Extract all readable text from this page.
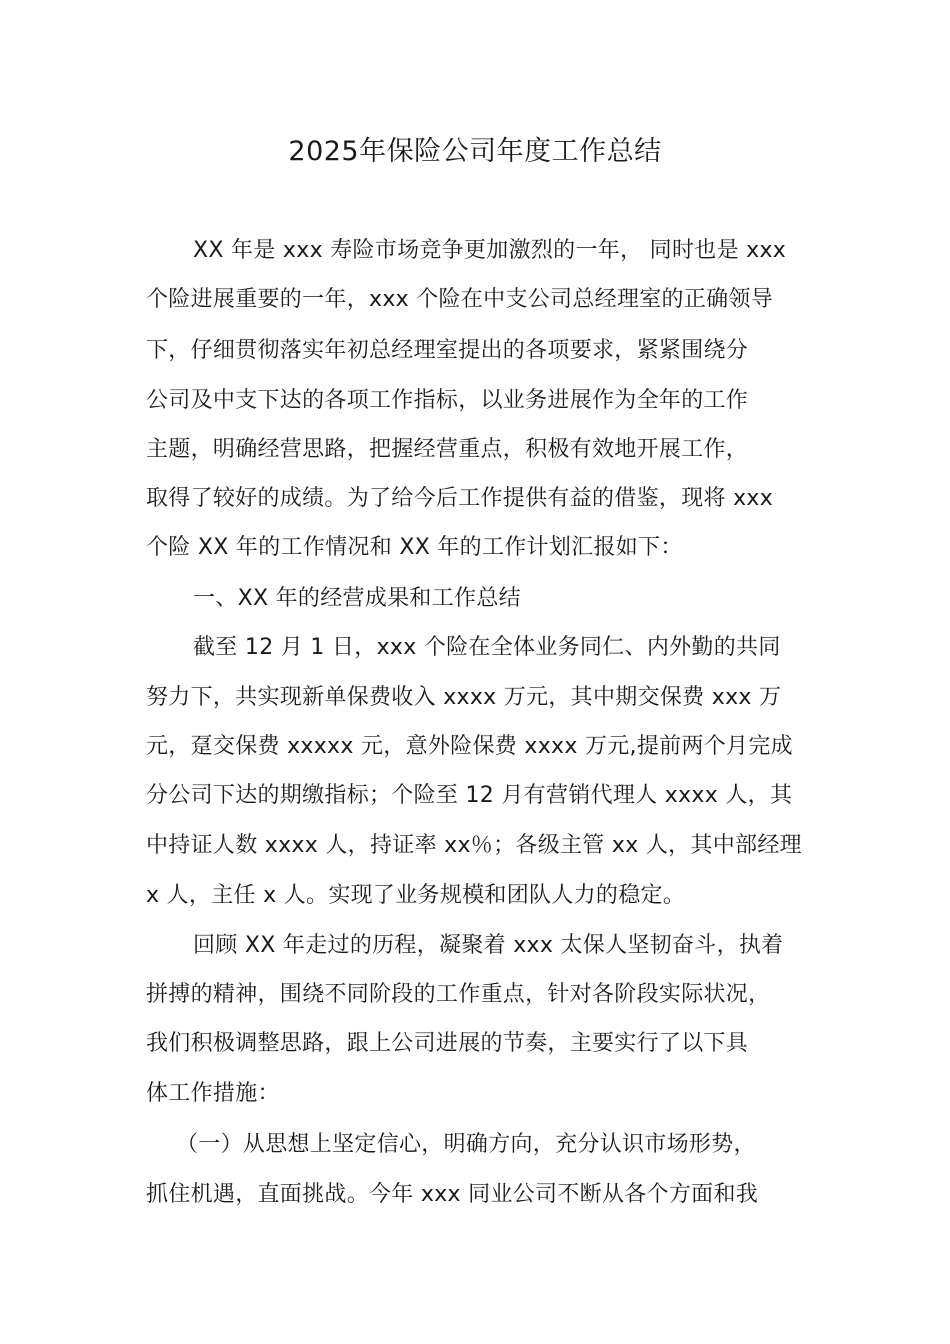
2025年保险公司年度工作总结
XX 年是 xxx 寿险市场竞争更加激烈的一年， 同时也是 xxx
个险进展重要的一年，xxx 个险在中支公司总经理室的正确领导
下，仔细贯彻落实年初总经理室提出的各项要求，紧紧围绕分
公司及中支下达的各项工作指标，以业务进展作为全年的工作
主题，明确经营思路，把握经营重点，积极有效地开展工作，
取得了较好的成绩。为了给今后工作提供有益的借鉴，现将 xxx
个险 XX 年的工作情况和 XX 年的工作计划汇报如下：
一、XX 年的经营成果和工作总结
截至 12 月 1 日，xxx 个险在全体业务同仁、内外勤的共同
努力下，共实现新单保费收入 xxxx 万元，其中期交保费 xxx 万
元，趸交保费 xxxxx 元，意外险保费 xxxx 万元,提前两个月完成
分公司下达的期缴指标；个险至 12 月有营销代理人 xxxx 人，其
中持证人数 xxxx 人，持证率 xx％；各级主管 xx 人，其中部经理
x 人，主任 x 人。实现了业务规模和团队人力的稳定。
回顾 XX 年走过的历程，凝聚着 xxx 太保人坚韧奋斗，执着
拼搏的精神，围绕不同阶段的工作重点，针对各阶段实际状况，
我们积极调整思路，跟上公司进展的节奏，主要实行了以下具
体工作措施：
（一）从思想上坚定信心，明确方向，充分认识市场形势，
抓住机遇，直面挑战。今年 xxx 同业公司不断从各个方面和我
